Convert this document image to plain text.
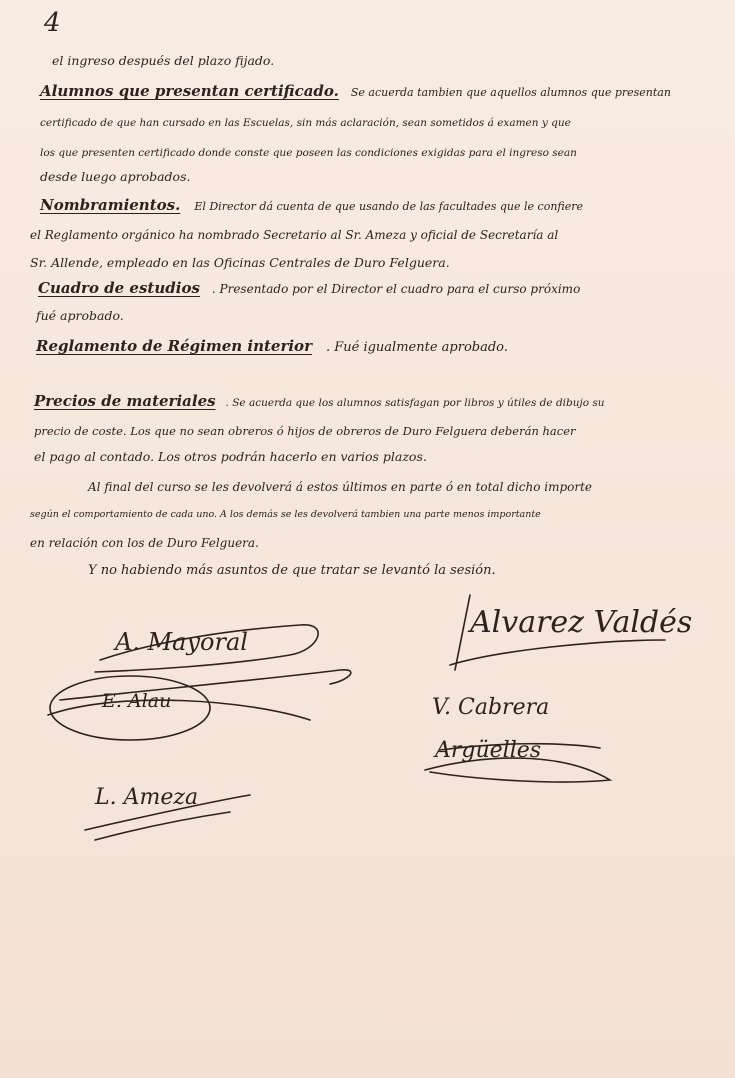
4
el ingreso después del plazo fijado.
Alumnos que presentan certificado. Se acuerda tambien que aquellos alumnos que presentan
certificado de que han cursado en las Escuelas, sin más aclaración, sean sometidos á examen y que
los que presenten certificado donde conste que poseen las condiciones exigidas para el ingreso sean
desde luego aprobados.
Nombramientos. El Director dá cuenta de que usando de las facultades que le confiere
el Reglamento orgánico ha nombrado Secretario al Sr. Ameza y oficial de Secretaría al
Sr. Allende, empleado en las Oficinas Centrales de Duro Felguera.
Cuadro de estudios . Presentado por el Director el cuadro para el curso próximo
fué aprobado.
Reglamento de Régimen interior . Fué igualmente aprobado.
Precios de materiales . Se acuerda que los alumnos satisfagan por libros y útiles de dibujo su
precio de coste. Los que no sean obreros ó hijos de obreros de Duro Felguera deberán hacer
el pago al contado. Los otros podrán hacerlo en varios plazos.
Al final del curso se les devolverá á estos últimos en parte ó en total dicho importe
según el comportamiento de cada uno. A los demás se les devolverá tambien una parte menos importante
en relación con los de Duro Felguera.
Y no habiendo más asuntos de que tratar se levantó la sesión.
A. Mayoral
E. Alau
L. Ameza
Alvarez Valdés
V. Cabrera
Argüelles
